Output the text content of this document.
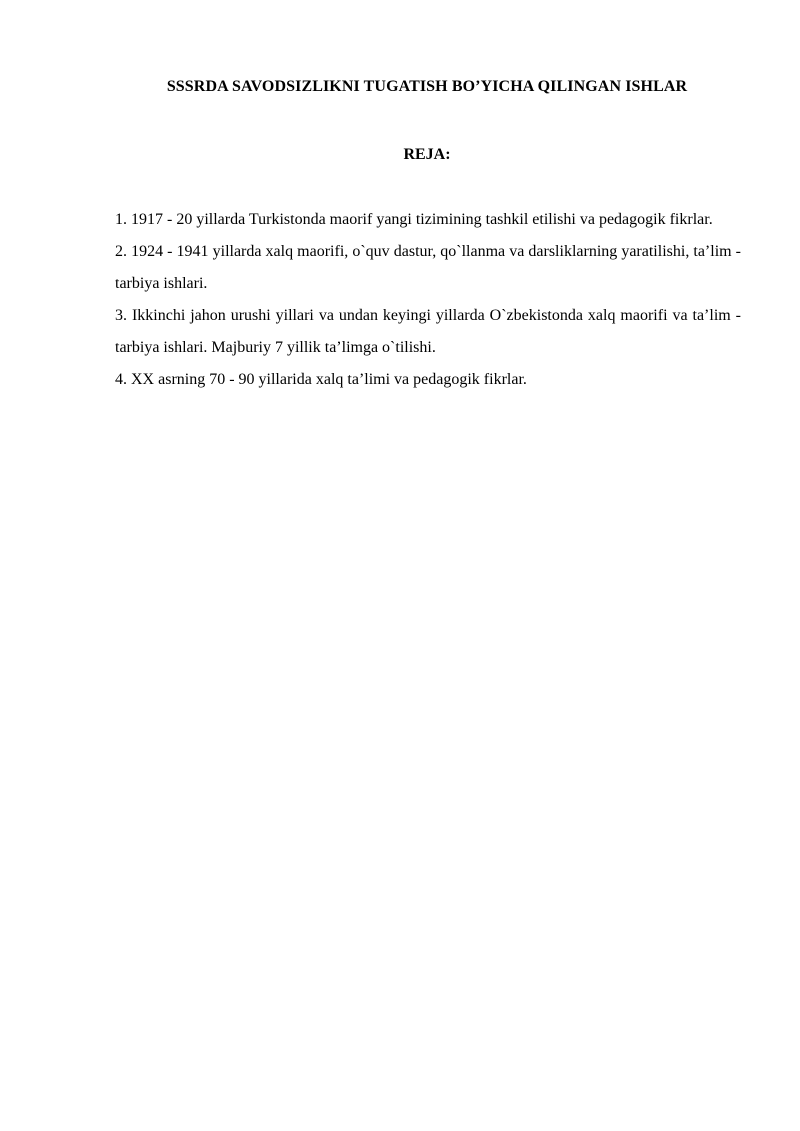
SSSRDA SAVODSIZLIKNI TUGATISH BO’YICHA QILINGAN ISHLAR
REJA:
1. 1917 - 20 yillarda Turkistonda maorif yangi tizimining tashkil etilishi va pedagogik fikrlar.
2. 1924 - 1941 yillarda xalq maorifi, o`quv dastur, qo`llanma va darsliklarning yaratilishi, ta’lim - tarbiya ishlari.
3. Ikkinchi jahon urushi yillari va undan keyingi yillarda O`zbekistonda xalq maorifi va ta’lim - tarbiya ishlari. Majburiy 7 yillik ta’limga o`tilishi.
4. XX asrning 70 - 90 yillarida xalq ta’limi va pedagogik fikrlar.
